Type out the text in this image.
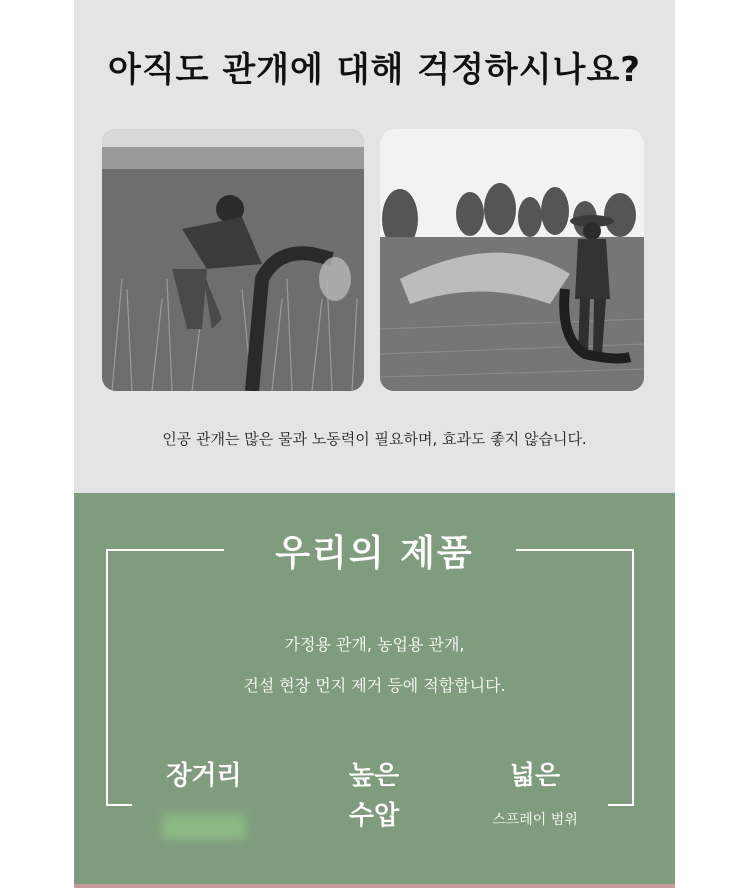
아직도 관개에 대해 걱정하시나요?
인공 관개는 많은 물과 노동력이 필요하며, 효과도 좋지 않습니다.
우리의 제품
가정용 관개, 농업용 관개,
건설 현장 먼지 제거 등에 적합합니다.
장거리	높은
수압
넓은
스프레이 범위
